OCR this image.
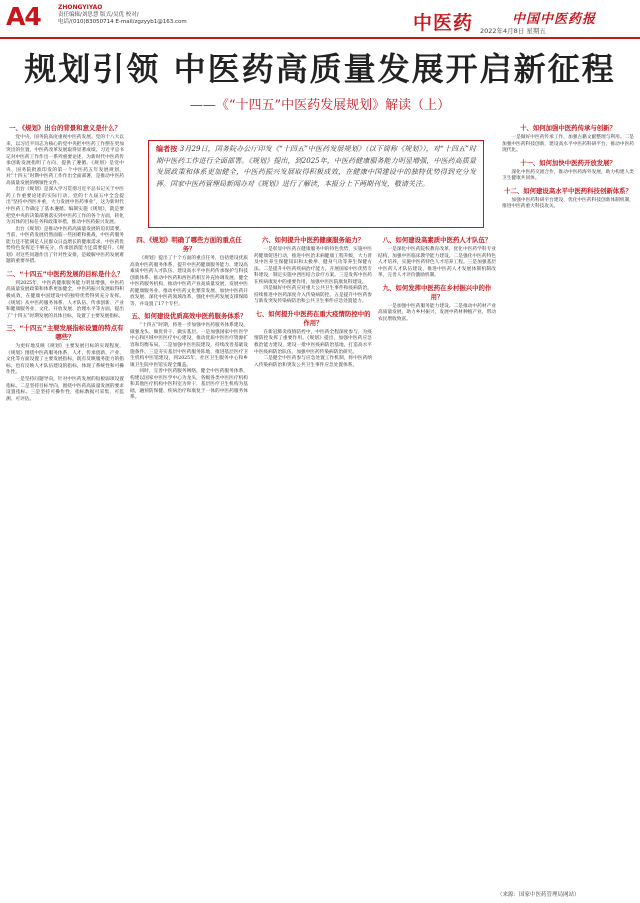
A4	ZHONGYIYAO
责任编辑/刘思慧 版式/吴优 校对/
电话/(010)83050714 E-mail/zgzyyb1@163.com	中医药	中国中医药报
2022年4月8日 星期五
规划引领 中医药高质量发展开启新征程
——《“十四五”中医药发展规划》解读（上）
编者按 3月29日，国务院办公厅印发《“十四五”中医药发展规划》（以下简称《规划》），对“十四五”时期中医药工作进行全面部署。《规划》提出，到2025年，中医药健康服务能力明显增强，中医药高质量发展政策和体系更加健全，中医药振兴发展取得积极成效，在健康中国建设中的独特优势得到充分发挥。国家中医药管理局新闻办对《规划》进行了解读，本报分上下两期刊发，敬请关注。
一、《规划》出台的背景和意义是什么？

党中央、国务院高度重视中医药发展。党的十八大以来，以习近平同志为核心的党中央把中医药工作摆在更加突出的位置，中医药改革发展取得显著成绩。习近平总书记对中医药工作作出一系列重要论述，为新时代中医药传承创新发展指明了方向、提供了遵循。《规划》是党中央、国务院批准印发的第一个中医药五年发展规划，对“十四五”时期中医药工作作出全面部署，是推动中医药高质量发展的纲领性文件。

出台《规划》是深入学习贯彻习近平总书记关于中医药工作重要论述的实际行动。党的十九届五中全会提出“坚持中西医并重，大力发展中医药事业”，这为新时代中医药工作确定了基本遵循。编制实施《规划》，就是要把党中央的决策部署落实到中医药工作的各个方面，转化为具体的目标任务和政策举措，推动中医药振兴发展。

出台《规划》是推动中医药高质量发展的迫切需要。当前，中医药发展仍然面临一些困难和挑战，中医药服务能力还不能满足人民群众日益增长的健康需求，中医药优势特色发挥还不够充分，传承创新能力还需要提升。《规划》对这些问题作出了针对性安排，是破解中医药发展难题的重要举措。

二、“十四五”中医药发展的目标是什么？

到2025年，中医药健康服务能力明显增强，中医药高质量发展政策和体系更加健全，中医药振兴发展取得积极成效，在健康中国建设中的独特优势得到充分发挥。《规划》从中医药服务体系、人才队伍、传承创新、产业和健康服务业、文化、开放发展、治理水平等方面，提出了“十四五”时期发展的具体目标，设置了主要发展指标。

三、“十四五”主要发展指标设置的特点有哪些？

为更好地反映《规划》主要发展目标的实现程度，《规划》围绕中医药服务体系、人才、传承创新、产业、文化等方面设置了主要发展指标，既有反映服务能力的指标，也有反映人才队伍建设的指标，体现了系统性和可操作性。

一是坚持问题导向，针对中医药发展的短板弱项设置指标。二是坚持目标导向，围绕中医药高质量发展的要求设置指标。三是坚持可操作性，指标数据可采集、可监测、可评估。

四、《规划》明确了哪些方面的重点任务？

《规划》提出了十个方面的重点任务，包括建设优质高效中医药服务体系、提升中医药健康服务能力、建设高素质中医药人才队伍、建设高水平中医药传承保护与科技创新体系、推动中医药和西医药相互补充协调发展、健全中医药服务机构、推动中医药产业高质量发展、发展中医药健康服务业、推动中医药文化繁荣发展、加快中医药开放发展、深化中医药领域改革、强化中医药发展支撑保障等，并设置了17个专栏。

五、如何建设优质高效中医药服务体系？

“十四五”时期，将进一步加强中医药服务体系建设，做强龙头、做优骨干、做实基层。一是加强国家中医医学中心和区域中医医疗中心建设，推动优质中医医疗资源扩容和均衡布局。二是加强中医医院建设，持续改善基础设施条件。三是夯实基层中医药服务阵地，推进基层医疗卫生机构中医馆建设，到2025年，社区卫生服务中心和乡镇卫生院中医馆实现全覆盖。

同时，完善中医药服务网络，健全中医药服务体系，构建以国家中医医学中心为龙头，各级各类中医医疗机构和其他医疗机构中医科室为骨干，基层医疗卫生机构为基础，融预防保健、疾病治疗和康复于一体的中医药服务体系。

六、如何提升中医药健康服务能力？

一是彰显中医药在健康服务中的特色优势，实施中医药健康促进行动，推进中医治未病健康工程升级，大力普及中医养生保健知识和太极拳、健身气功等养生保健方法。二是提升中医药疾病治疗能力，开展国家中医优势专科建设，制定实施中西医结合诊疗方案。三是发挥中医药在疾病康复中的重要作用，加强中医医院康复科建设。

四是做好中医药应对重大公共卫生事件和疫病防治，持续推进中医药深度介入传染病防控。五是提升中医药参与新发突发传染病防治和公共卫生事件应急处置能力。

七、如何提升中医药在重大疫情防控中的作用？

在新冠肺炎疫情防控中，中医药全程深度参与，为疫情防控发挥了重要作用。《规划》提出，加强中医药应急救治能力建设，建设一批中医疫病防治基地，打造高水平中医疫病防治队伍，加强中医药传染病防治研究。

二是健全中医药参与应急处置工作机制，将中医药纳入传染病防治和突发公共卫生事件应急处置体系。

八、如何建设高素质中医药人才队伍？

一是深化中医药院校教育改革，优化中医药学科专业结构，加强中医临床教学能力建设。二是强化中医药特色人才培养，实施中医药特色人才培养工程。三是加强基层中医药人才队伍建设，推进中医药人才发展体制机制改革，完善人才评价激励机制。

九、如何发挥中医药在乡村振兴中的作用？

一是加强中医药服务能力建设。二是推动中药材产业高质量发展，助力乡村振兴，发展中药材种植产业，带动农民增收致富。

十、如何加强中医药传承与创新？

一是做好中医药传承工作，加强古籍文献整理与利用。二是加强中医药科技创新，建设高水平中医药科研平台，推动中医药现代化。

十一、如何加快中医药开放发展？

深化中医药交流合作，推动中医药海外发展，助力构建人类卫生健康共同体。

十二、如何建设高水平中医药科技创新体系？

加强中医药科研平台建设，优化中医药科技创新体制机制，推进中医药重大科技攻关。

（来源：国家中医药管理局网站）
